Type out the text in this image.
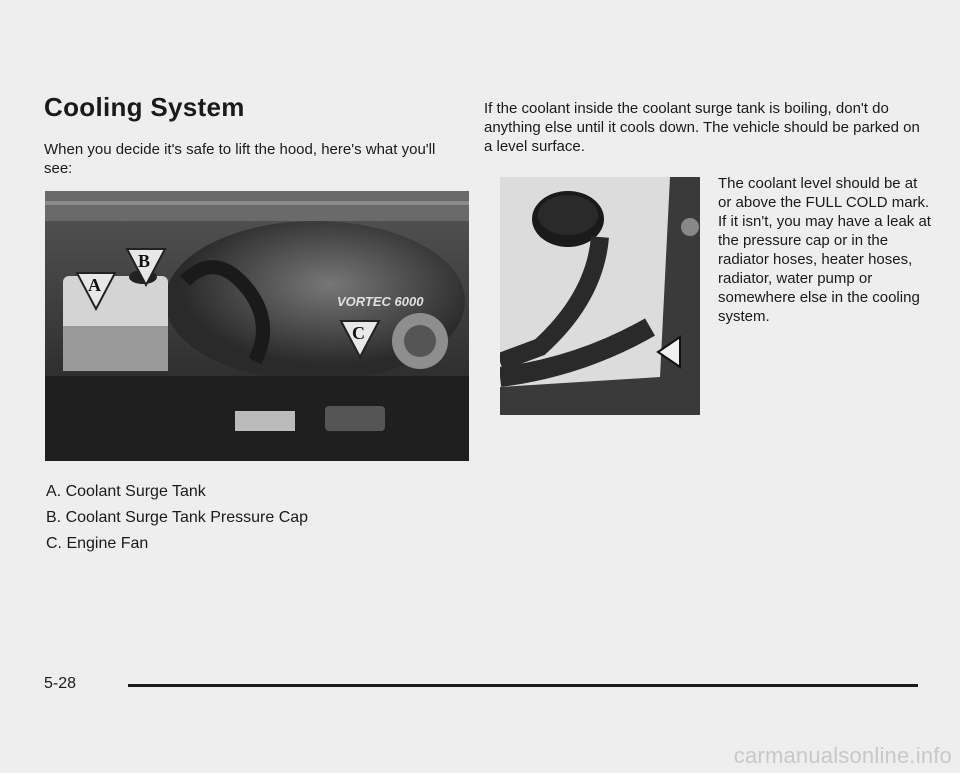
Cooling System
When you decide it's safe to lift the hood, here's what you'll see:
VORTEC 6000
A
B
C
A. Coolant Surge Tank
B. Coolant Surge Tank Pressure Cap
C. Engine Fan
If the coolant inside the coolant surge tank is boiling, don't do anything else until it cools down. The vehicle should be parked on a level surface.
The coolant level should be at or above the FULL COLD mark. If it isn't, you may have a leak at the pressure cap or in the radiator hoses, heater hoses, radiator, water pump or somewhere else in the cooling system.
5-28
carmanualsonline.info
